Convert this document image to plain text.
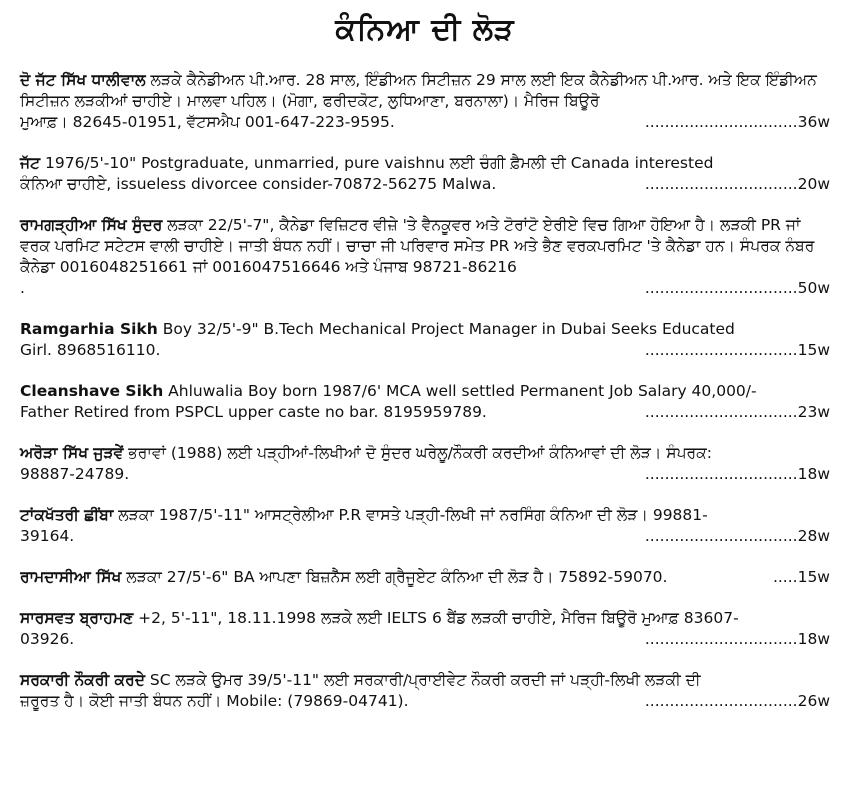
ਕੰਨਿਆ ਦੀ ਲੋੜ
ਦੋ ਜੱਟ ਸਿੱਖ ਧਾਲੀਵਾਲ ਲੜਕੇ ਕੈਨੇਡੀਅਨ ਪੀ.ਆਰ. 28 ਸਾਲ, ਇੰਡੀਅਨ ਸਿਟੀਜ਼ਨ 29 ਸਾਲ ਲਈ ਇਕ ਕੈਨੇਡੀਅਨ ਪੀ.ਆਰ. ਅਤੇ ਇਕ ਇੰਡੀਅਨ ਸਿਟੀਜ਼ਨ ਲੜਕੀਆਂ ਚਾਹੀਏ। ਮਾਲਵਾ ਪਹਿਲ। (ਮੋਗਾ, ਫਰੀਦਕੋਟ, ਲੁਧਿਆਣਾ, ਬਰਨਾਲਾ)। ਮੈਰਿਜ ਬਿਊਰੋ
ਮੁਆਫ਼। 82645-01951, ਵੱਟਸਐਪ 001-647-223-9595.	...............................36w
ਜੱਟ 1976/5'-10" Postgraduate, unmarried, pure vaishnu ਲਈ ਚੰਗੀ ਫ਼ੈਮਲੀ ਦੀ Canada interested
ਕੰਨਿਆ ਚਾਹੀਏ, issueless divorcee consider-70872-56275 Malwa.	...............................20w
ਰਾਮਗੜ੍ਹੀਆ ਸਿੱਖ ਸੁੰਦਰ ਲੜਕਾ 22/5'-7", ਕੈਨੇਡਾ ਵਿਜ਼ਿਟਰ ਵੀਜ਼ੇ 'ਤੇ ਵੈਨਕੂਵਰ ਅਤੇ ਟੋਰਾਂਟੋ ਏਰੀਏ ਵਿਚ ਗਿਆ ਹੋਇਆ ਹੈ। ਲੜਕੀ PR ਜਾਂ ਵਰਕ ਪਰਮਿਟ ਸਟੇਟਸ ਵਾਲੀ ਚਾਹੀਏ। ਜਾਤੀ ਬੰਧਨ ਨਹੀਂ। ਚਾਚਾ ਜੀ ਪਰਿਵਾਰ ਸਮੇਤ PR ਅਤੇ ਭੈਣ ਵਰਕਪਰਮਿਟ 'ਤੇ ਕੈਨੇਡਾ ਹਨ। ਸੰਪਰਕ ਨੰਬਰ ਕੈਨੇਡਾ 0016048251661 ਜਾਂ 0016047516646 ਅਤੇ ਪੰਜਾਬ 98721-86216
.	...............................50w
Ramgarhia Sikh Boy 32/5'-9" B.Tech Mechanical Project Manager in Dubai Seeks Educated
Girl. 8968516110.	...............................15w
Cleanshave Sikh Ahluwalia Boy born 1987/6' MCA well settled Permanent Job Salary 40,000/-
Father Retired from PSPCL upper caste no bar. 8195959789.	...............................23w
ਅਰੋੜਾ ਸਿੱਖ ਜੁੜਵੇਂ ਭਰਾਵਾਂ (1988) ਲਈ ਪੜ੍ਹੀਆਂ-ਲਿਖੀਆਂ ਦੋ ਸੁੰਦਰ ਘਰੇਲੂ/ਨੌਕਰੀ ਕਰਦੀਆਂ ਕੰਨਿਆਵਾਂ ਦੀ ਲੋੜ। ਸੰਪਰਕ:
98887-24789.	...............................18w
ਟਾਂਕਖੱਤਰੀ ਛੀਂਬਾ ਲੜਕਾ 1987/5'-11" ਆਸਟ੍ਰੇਲੀਆ P.R ਵਾਸਤੇ ਪੜ੍ਹੀ-ਲਿਖੀ ਜਾਂ ਨਰਸਿੰਗ ਕੰਨਿਆ ਦੀ ਲੋੜ। 99881-
39164.	...............................28w
ਰਾਮਦਾਸੀਆ ਸਿੱਖ ਲੜਕਾ 27/5'-6" BA ਆਪਣਾ ਬਿਜ਼ਨੈੱਸ ਲਈ ਗ੍ਰੈਜੂਏਟ ਕੰਨਿਆ ਦੀ ਲੋੜ ਹੈ। 75892-59070.	.....15w
ਸਾਰਸਵਤ ਬ੍ਰਾਹਮਣ +2, 5'-11", 18.11.1998 ਲੜਕੇ ਲਈ IELTS 6 ਬੈਂਡ ਲੜਕੀ ਚਾਹੀਏ, ਮੈਰਿਜ ਬਿਊਰੋ ਮੁਆਫ਼ 83607-
03926.	...............................18w
ਸਰਕਾਰੀ ਨੌਕਰੀ ਕਰਦੇ SC ਲੜਕੇ ਉਮਰ 39/5'-11" ਲਈ ਸਰਕਾਰੀ/ਪ੍ਰਾਈਵੇਟ ਨੌਕਰੀ ਕਰਦੀ ਜਾਂ ਪੜ੍ਹੀ-ਲਿਖੀ ਲੜਕੀ ਦੀ
ਜ਼ਰੂਰਤ ਹੈ। ਕੋਈ ਜਾਤੀ ਬੰਧਨ ਨਹੀਂ। Mobile: (79869-04741).	...............................26w
